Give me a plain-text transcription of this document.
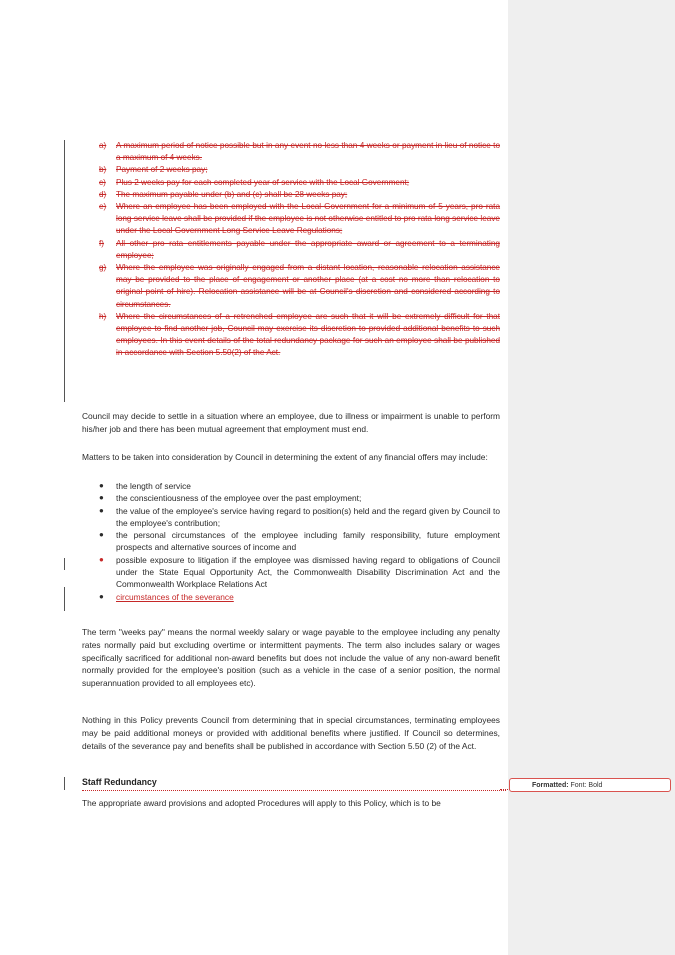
a)	A maximum period of notice possible but in any event no less than 4 weeks or payment in lieu of notice to a maximum of 4 weeks.
b)	Payment of 2 weeks pay;
c)	Plus 2 weeks pay for each completed year of service with the Local Government;
d)	The maximum payable under (b) and (c) shall be 28 weeks pay;
e)	Where an employee has been employed with the Local Government for a minimum of 5 years, pro rata long service leave shall be provided if the employee is not otherwise entitled to pro rata long service leave under the Local Government Long Service Leave Regulations;
f)	All other pro rata entitlements payable under the appropriate award or agreement to a terminating employee;
g)	Where the employee was originally engaged from a distant location, reasonable relocation assistance may be provided to the place of engagement or another place (at a cost no more than relocation to original point of hire). Relocation assistance will be at Council's discretion and considered according to circumstances.
h)	Where the circumstances of a retrenched employee are such that it will be extremely difficult for that employee to find another job, Council may exercise its discretion to provided additional benefits to such employees. In this event details of the total redundancy package for such an employee shall be published in accordance with Section 5.50(2) of the Act.

Council may decide to settle in a situation where an employee, due to illness or impairment is unable to perform his/her job and there has been mutual agreement that employment must end.

Matters to be taken into consideration by Council in determining the extent of any financial offers may include:

● the length of service
● the conscientiousness of the employee over the past employment;
● the value of the employee's service having regard to position(s) held and the regard given by Council to the employee's contribution;
● the personal circumstances of the employee including family responsibility, future employment prospects and alternative sources of income and
● possible exposure to litigation if the employee was dismissed having regard to obligations of Council under the State Equal Opportunity Act, the Commonwealth Disability Discrimination Act and the Commonwealth Workplace Relations Act
● circumstances of the severance

The term "weeks pay" means the normal weekly salary or wage payable to the employee including any penalty rates normally paid but excluding overtime or intermittent payments. The term also includes salary or wages specifically sacrificed for additional non-award benefits but does not include the value of any non-award benefit normally provided for the employee's position (such as a vehicle in the case of a senior position, the normal superannuation provided to all employees etc).

Nothing in this Policy prevents Council from determining that in special circumstances, terminating employees may be paid additional moneys or provided with additional benefits where justified. If Council so determines, details of the severance pay and benefits shall be published in accordance with Section 5.50 (2) of the Act.

Staff Redundancy	Formatted: Font: Bold

The appropriate award provisions and adopted Procedures will apply to this Policy, which is to be
